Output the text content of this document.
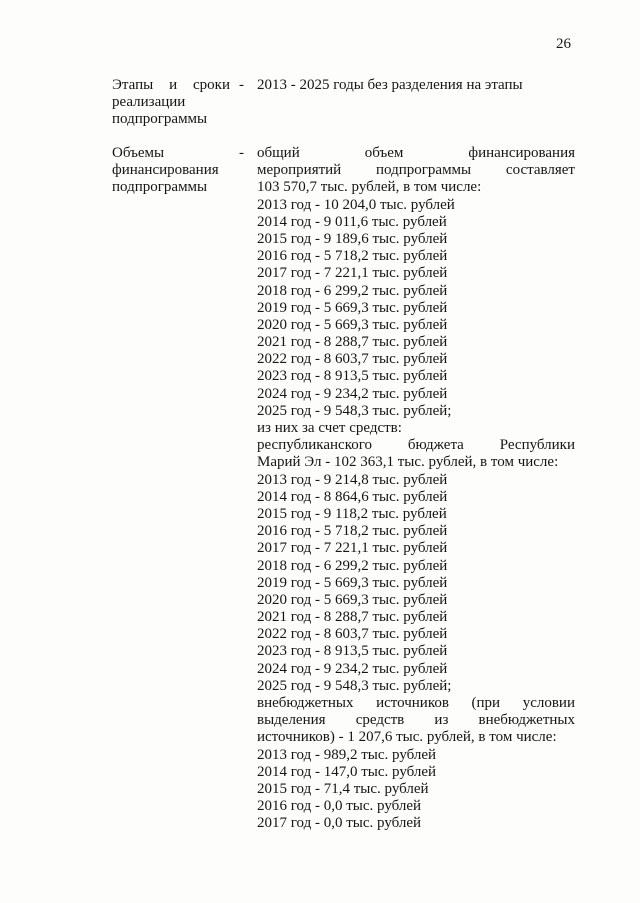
26
Этапы и сроки
реализации
подпрограммы
- 2013 - 2025 годы без разделения на этапы
Объемы
финансирования
подпрограммы
- общий	объем	финансирования
мероприятий подпрограммы составляет
103 570,7 тыс. рублей, в том числе:
2013 год - 10 204,0 тыс. рублей
2014 год - 9 011,6 тыс. рублей
2015 год - 9 189,6 тыс. рублей
2016 год - 5 718,2 тыс. рублей
2017 год - 7 221,1 тыс. рублей
2018 год - 6 299,2 тыс. рублей
2019 год - 5 669,3 тыс. рублей
2020 год - 5 669,3 тыс. рублей
2021 год - 8 288,7 тыс. рублей
2022 год - 8 603,7 тыс. рублей
2023 год - 8 913,5 тыс. рублей
2024 год - 9 234,2 тыс. рублей
2025 год - 9 548,3 тыс. рублей;
из них за счет средств:
республиканского бюджета Республики
Марий Эл - 102 363,1 тыс. рублей, в том числе:
2013 год - 9 214,8 тыс. рублей
2014 год - 8 864,6 тыс. рублей
2015 год - 9 118,2 тыс. рублей
2016 год - 5 718,2 тыс. рублей
2017 год - 7 221,1 тыс. рублей
2018 год - 6 299,2 тыс. рублей
2019 год - 5 669,3 тыс. рублей
2020 год - 5 669,3 тыс. рублей
2021 год - 8 288,7 тыс. рублей
2022 год - 8 603,7 тыс. рублей
2023 год - 8 913,5 тыс. рублей
2024 год - 9 234,2 тыс. рублей
2025 год - 9 548,3 тыс. рублей;
внебюджетных источников (при условии
выделения средств из внебюджетных
источников) - 1 207,6 тыс. рублей, в том числе:
2013 год - 989,2 тыс. рублей
2014 год - 147,0 тыс. рублей
2015 год - 71,4 тыс. рублей
2016 год - 0,0 тыс. рублей
2017 год - 0,0 тыс. рублей
